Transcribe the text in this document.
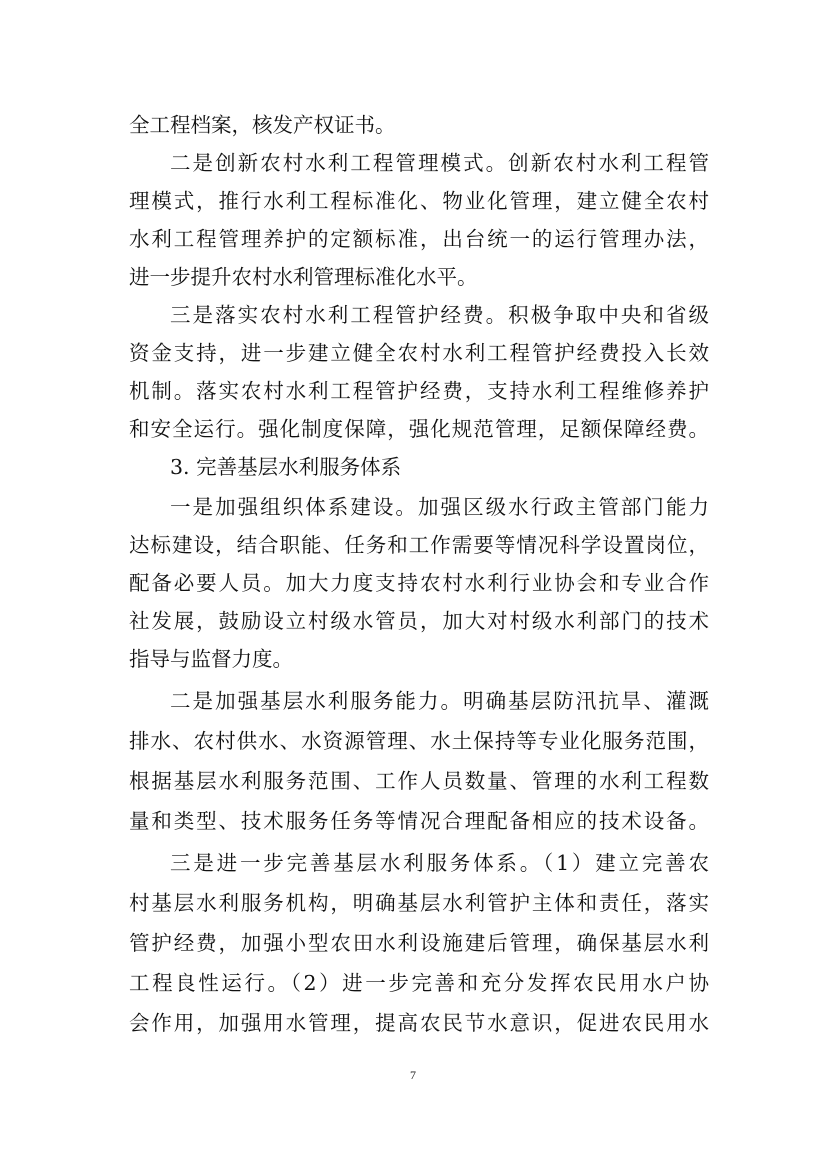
全工程档案，核发产权证书。
二是创新农村水利工程管理模式。创新农村水利工程管
理模式，推行水利工程标准化、物业化管理，建立健全农村
水利工程管理养护的定额标准，出台统一的运行管理办法，
进一步提升农村水利管理标准化水平。
三是落实农村水利工程管护经费。积极争取中央和省级
资金支持，进一步建立健全农村水利工程管护经费投入长效
机制。落实农村水利工程管护经费，支持水利工程维修养护
和安全运行。强化制度保障，强化规范管理，足额保障经费。
3. 完善基层水利服务体系
一是加强组织体系建设。加强区级水行政主管部门能力
达标建设，结合职能、任务和工作需要等情况科学设置岗位，
配备必要人员。加大力度支持农村水利行业协会和专业合作
社发展，鼓励设立村级水管员，加大对村级水利部门的技术
指导与监督力度。
二是加强基层水利服务能力。明确基层防汛抗旱、灌溉
排水、农村供水、水资源管理、水土保持等专业化服务范围，
根据基层水利服务范围、工作人员数量、管理的水利工程数
量和类型、技术服务任务等情况合理配备相应的技术设备。
三是进一步完善基层水利服务体系。（1）建立完善农
村基层水利服务机构，明确基层水利管护主体和责任，落实
管护经费，加强小型农田水利设施建后管理，确保基层水利
工程良性运行。（2）进一步完善和充分发挥农民用水户协
会作用，加强用水管理，提高农民节水意识，促进农民用水
7
